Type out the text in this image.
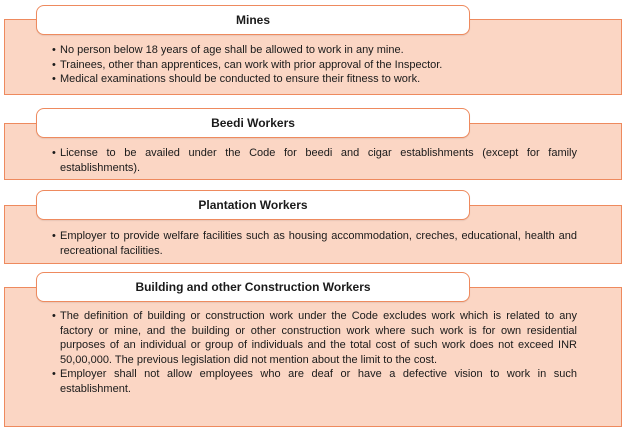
Mines
• No person below 18 years of age shall be allowed to work in any mine.
• Trainees, other than apprentices, can work with prior approval of the Inspector.
• Medical examinations should be conducted to ensure their fitness to work.
Beedi Workers
• License to be availed under the Code for beedi and cigar establishments (except for family establishments).
Plantation Workers
• Employer to provide welfare facilities such as housing accommodation, creches, educational, health and recreational facilities.
Building and other Construction Workers
• The definition of building or construction work under the Code excludes work which is related to any factory or mine, and the building or other construction work where such work is for own residential purposes of an individual or group of individuals and the total cost of such work does not exceed INR 50,00,000. The previous legislation did not mention about the limit to the cost.
• Employer shall not allow employees who are deaf or have a defective vision to work in such establishment.
